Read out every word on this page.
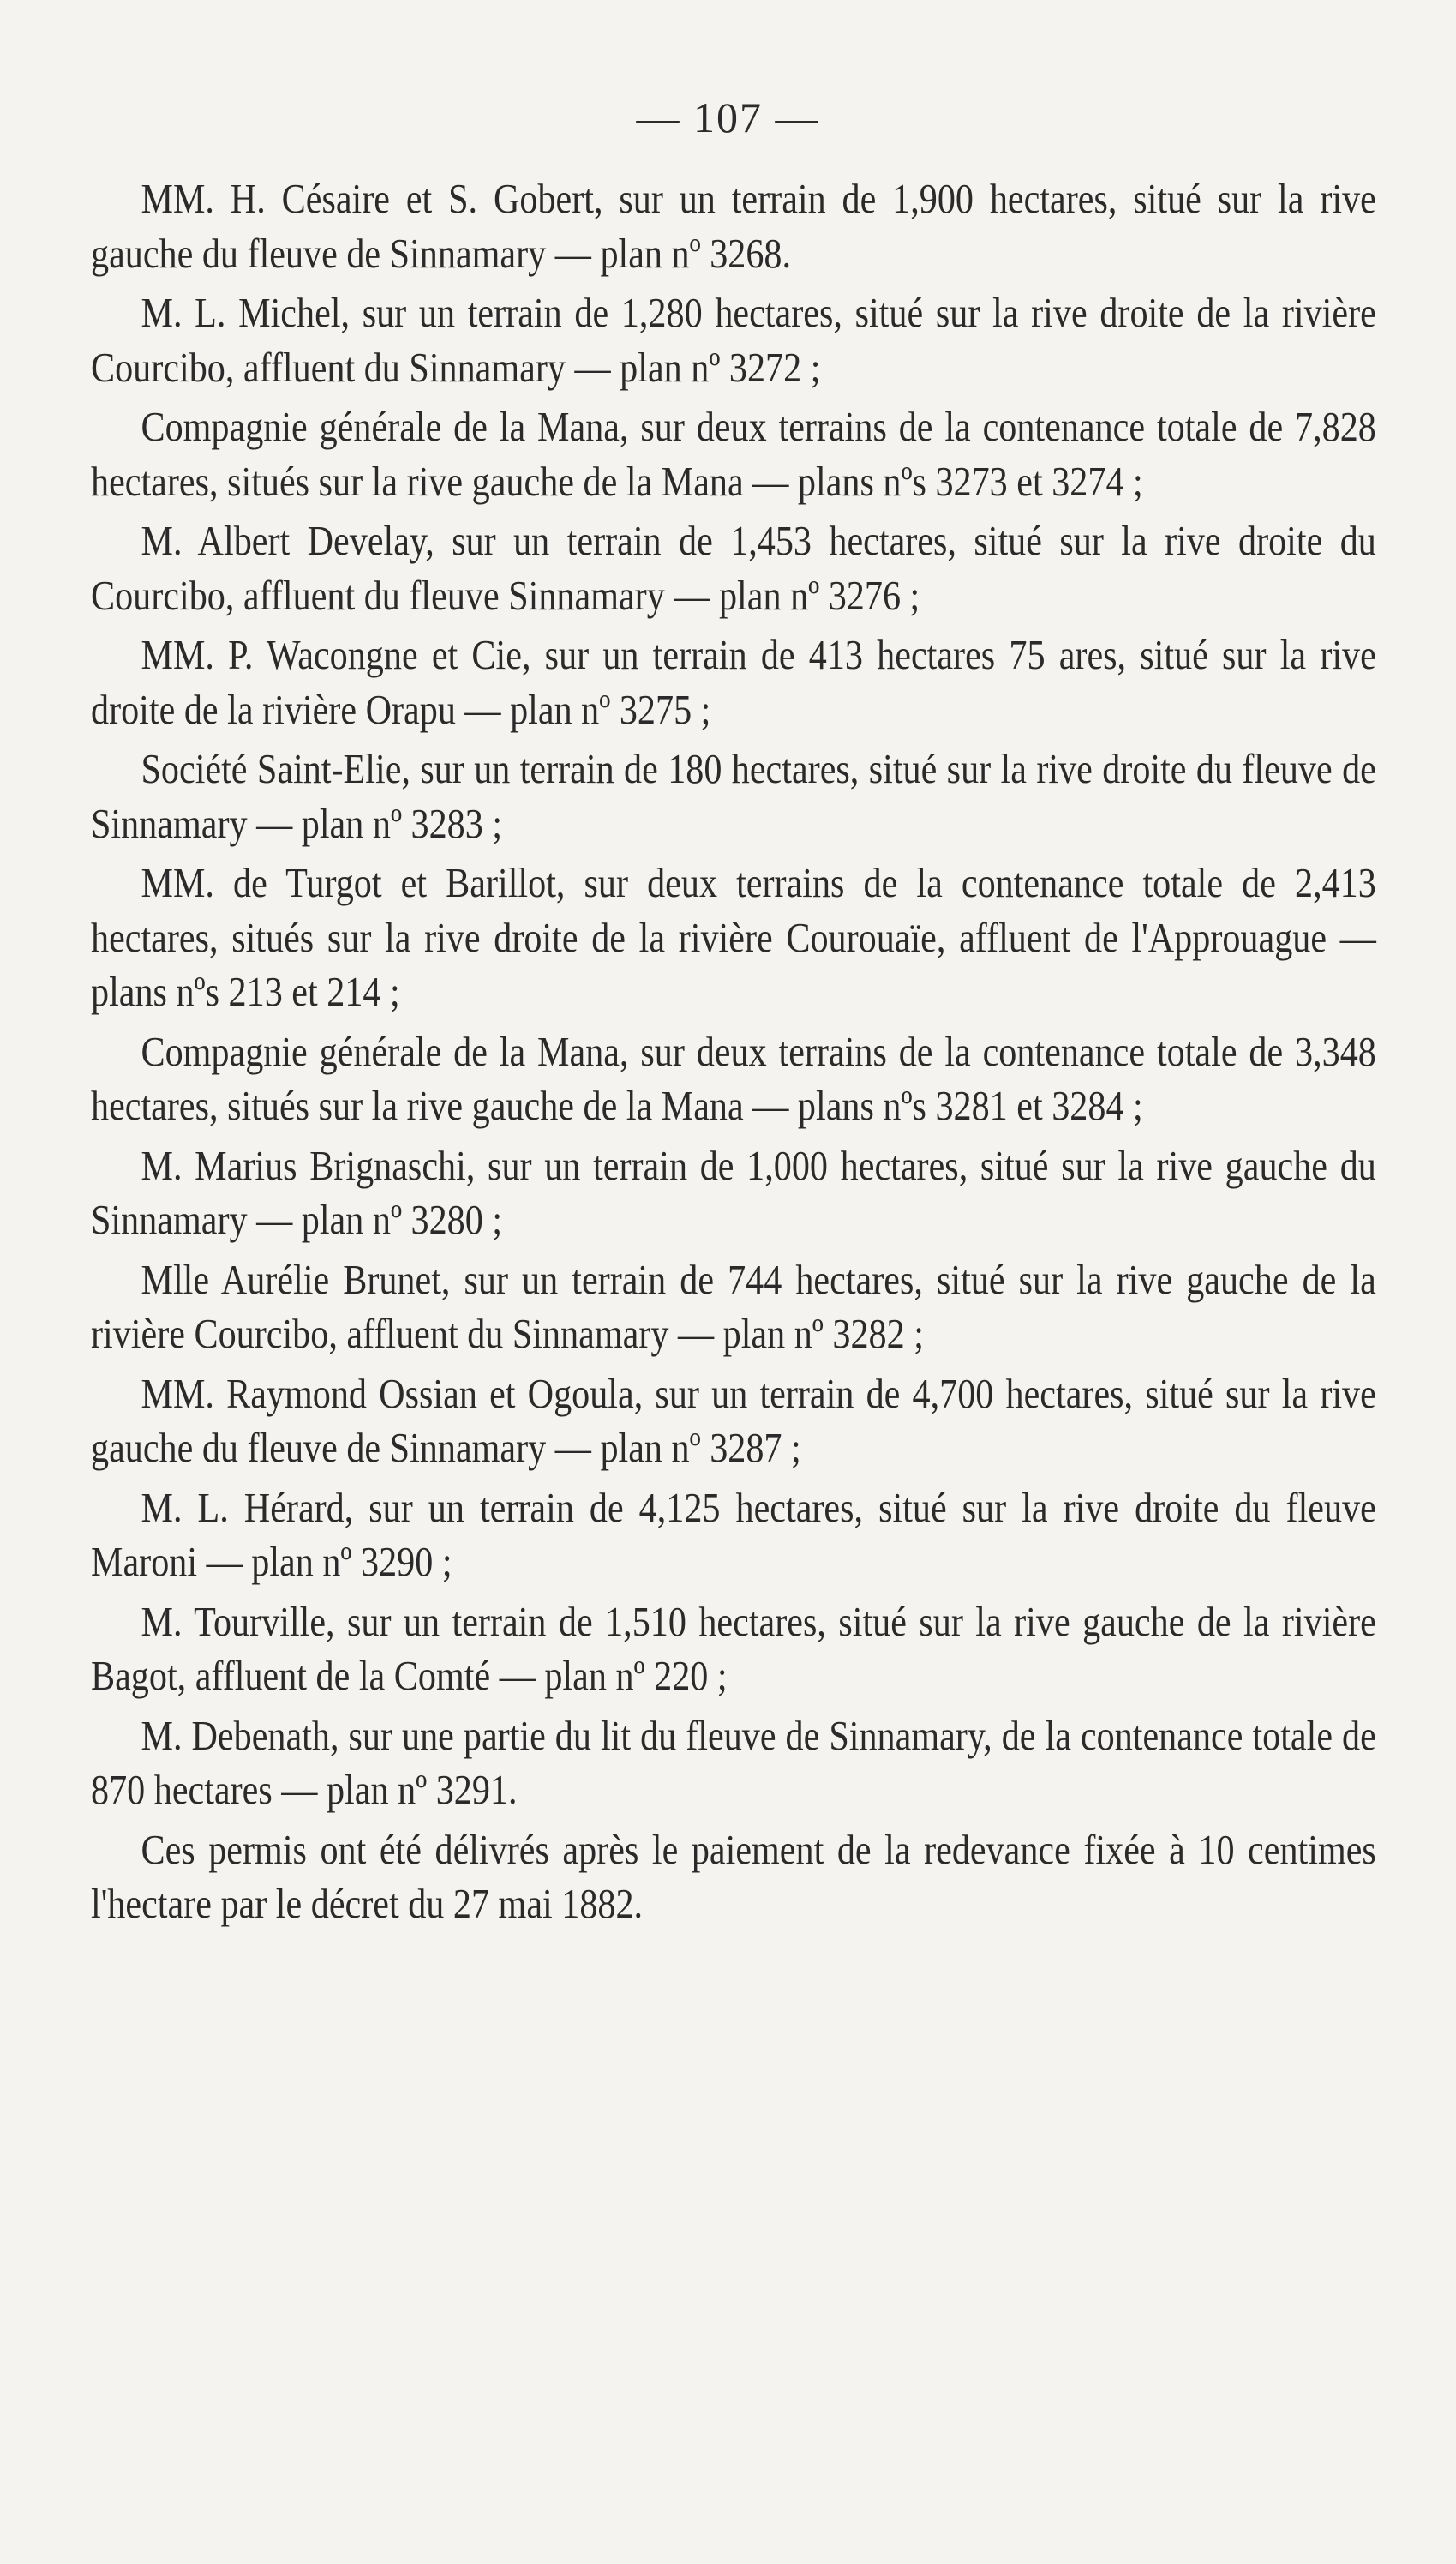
— 107 —

MM. H. Césaire et S. Gobert, sur un terrain de 1,900 hectares, situé sur la rive gauche du fleuve de Sinnamary — plan nº 3268.

M. L. Michel, sur un terrain de 1,280 hectares, situé sur la rive droite de la rivière Courcibo, affluent du Sinnamary — plan nº 3272 ;

Compagnie générale de la Mana, sur deux terrains de la contenance totale de 7,828 hectares, situés sur la rive gauche de la Mana — plans nºs 3273 et 3274 ;

M. Albert Develay, sur un terrain de 1,453 hectares, situé sur la rive droite du Courcibo, affluent du fleuve Sinnamary — plan nº 3276 ;

MM. P. Wacongne et Cie, sur un terrain de 413 hectares 75 ares, situé sur la rive droite de la rivière Orapu — plan nº 3275 ;

Société Saint-Elie, sur un terrain de 180 hectares, situé sur la rive droite du fleuve de Sinnamary — plan nº 3283 ;

MM. de Turgot et Barillot, sur deux terrains de la contenance totale de 2,413 hectares, situés sur la rive droite de la rivière Courouaïe, affluent de l'Approuague — plans nºs 213 et 214 ;

Compagnie générale de la Mana, sur deux terrains de la contenance totale de 3,348 hectares, situés sur la rive gauche de la Mana — plans nºs 3281 et 3284 ;

M. Marius Brignaschi, sur un terrain de 1,000 hectares, situé sur la rive gauche du Sinnamary — plan nº 3280 ;

Mlle Aurélie Brunet, sur un terrain de 744 hectares, situé sur la rive gauche de la rivière Courcibo, affluent du Sinnamary — plan nº 3282 ;

MM. Raymond Ossian et Ogoula, sur un terrain de 4,700 hectares, situé sur la rive gauche du fleuve de Sinnamary — plan nº 3287 ;

M. L. Hérard, sur un terrain de 4,125 hectares, situé sur la rive droite du fleuve Maroni — plan nº 3290 ;

M. Tourville, sur un terrain de 1,510 hectares, situé sur la rive gauche de la rivière Bagot, affluent de la Comté — plan nº 220 ;

M. Debenath, sur une partie du lit du fleuve de Sinnamary, de la contenance totale de 870 hectares — plan nº 3291.

Ces permis ont été délivrés après le paiement de la redevance fixée à 10 centimes l'hectare par le décret du 27 mai 1882.
